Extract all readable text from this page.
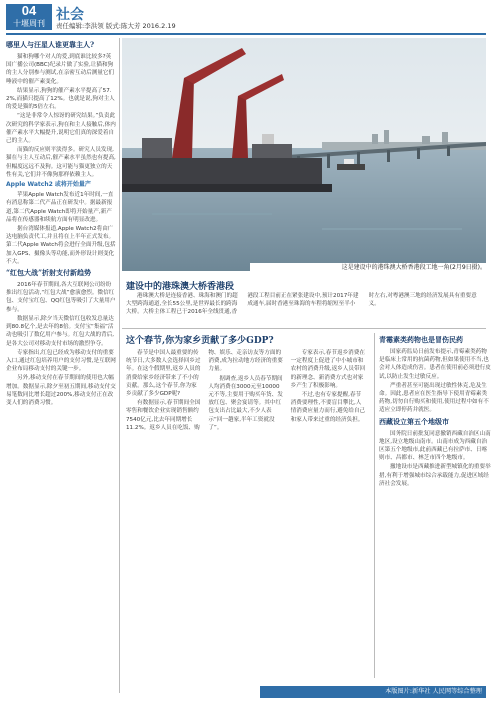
04
十堰周刊
社会
责任编辑:李洪领 版式:陈大芳 2016.2.19
哪里人与汪星人谁更靠主人?

猫和狗哪个对人的爱,到底谁比较多?英国广播公司(BBC)纪录片做了实验,让猫和狗的主人分别参与测试,在亲密互动后测量它们唾液中的催产素变化。

结果显示,狗狗的催产素水平提高了57.2%,而猫只提高了12%。也就是说,狗对主人的爱是猫的5倍左右。

“这是非常令人惊讶的研究结果。”负责此次研究的科学家表示,狗在和主人接触后,体内催产素水平大幅提升,说明它们真的深爱着自己的主人。

而猫的反应则平淡得多。研究人员发现,猫在与主人互动后,催产素水平虽然也有提高,但幅度远远不及狗。这可能与猫更独立的天性有关,它们并不像狗那样依赖主人。

Apple Watch2 或将开始量产

苹果Apple Watch发布近1年时间,一直有消息称第二代产品正在研发中。据最新报道,第二代Apple Watch即将开始量产,新产品将在传感器和续航方面有明显改进。

据台湾媒体报道,Apple Watch2将由广达电脑负责代工,并且将在上半年正式发布。第二代Apple Watch将会进行全面升级,包括加入GPS、摄像头等功能,而外形设计则变化不大。

“红包大战”折射支付新趋势

2016年春节期间,各大互联网公司纷纷推出红包活动,“红包大战”愈演愈烈。微信红包、支付宝红包、QQ红包等吸引了大量用户参与。

数据显示,除夕当天微信红包收发总量达到80.8亿个,是去年的8倍。支付宝“集福”活动也吸引了数亿用户参与。红包大战的背后,是各大公司对移动支付市场的激烈争夺。

专家指出,红包已经成为移动支付的重要入口,通过红包培养用户的支付习惯,是互联网企业布局移动支付的关键一步。

另外,移动支付在春节期间的使用也大幅增加。数据显示,除夕至初五期间,移动支付交易笔数同比增长超过200%,移动支付正在改变人们的消费习惯。

这是建设中的港珠澳大桥香港段工地一角(2月9日摄)。
建设中的港珠澳大桥香港段

港珠澳大桥是连接香港、珠海和澳门的超大型跨海通道,全长55公里,是世界最长的跨海大桥。大桥主体工程已于2016年全线贯通,香港段工程目前正在紧张建设中,预计2017年建成通车,届时香港至珠海的车程将缩短至半小时左右,对粤港澳三地的经济发展具有重要意义。

这个春节,你为家乡贡献了多少GDP?

春节是中国人最重要的传统节日,大多数人会选择回乡过年。在这个假期里,返乡人员的消费给家乡经济带来了不小的贡献。那么,这个春节,你为家乡贡献了多少GDP呢?

有数据显示,春节期间全国零售和餐饮企业实现销售额约7540亿元,比去年同期增长11.2%。返乡人员在吃饭、购物、娱乐、走亲访友等方面的消费,成为拉动地方经济的重要力量。

据调查,返乡人员春节期间人均消费在3000元至10000元不等,主要用于购买年货、发放红包、聚会宴请等。其中红包支出占比最大,不少人表示“回一趟家,半年工资就没了”。

专家表示,春节返乡消费在一定程度上促进了中小城市和农村的消费升级,返乡人员带回的新理念、新消费方式也对家乡产生了积极影响。

不过,也有专家提醒,春节消费要理性,不要盲目攀比,人情消费应量力而行,避免给自己和家人带来过重的经济负担。

青霉素类药物也是冒伤民药

国家药监局日前发布提示,青霉素类药物是临床上常用的抗菌药物,但如果使用不当,也会对人体造成伤害。患者在使用前必须进行皮试,以防止发生过敏反应。

严重者甚至可能出现过敏性休克,危及生命。因此,患者应在医生指导下使用青霉素类药物,切勿自行购买和使用,使用过程中如有不适应立即停药并就医。

西藏设立第五个地级市

国务院日前批复同意撤销西藏自治区山南地区,设立地级山南市。山南市成为西藏自治区第五个地级市,此前西藏已有拉萨市、日喀则市、昌都市、林芝市四个地级市。

撤地设市是西藏推进新型城镇化的重要举措,有利于增强城市综合承载能力,促进区域经济社会发展。

本版图片:新华社 人民网等综合整理
